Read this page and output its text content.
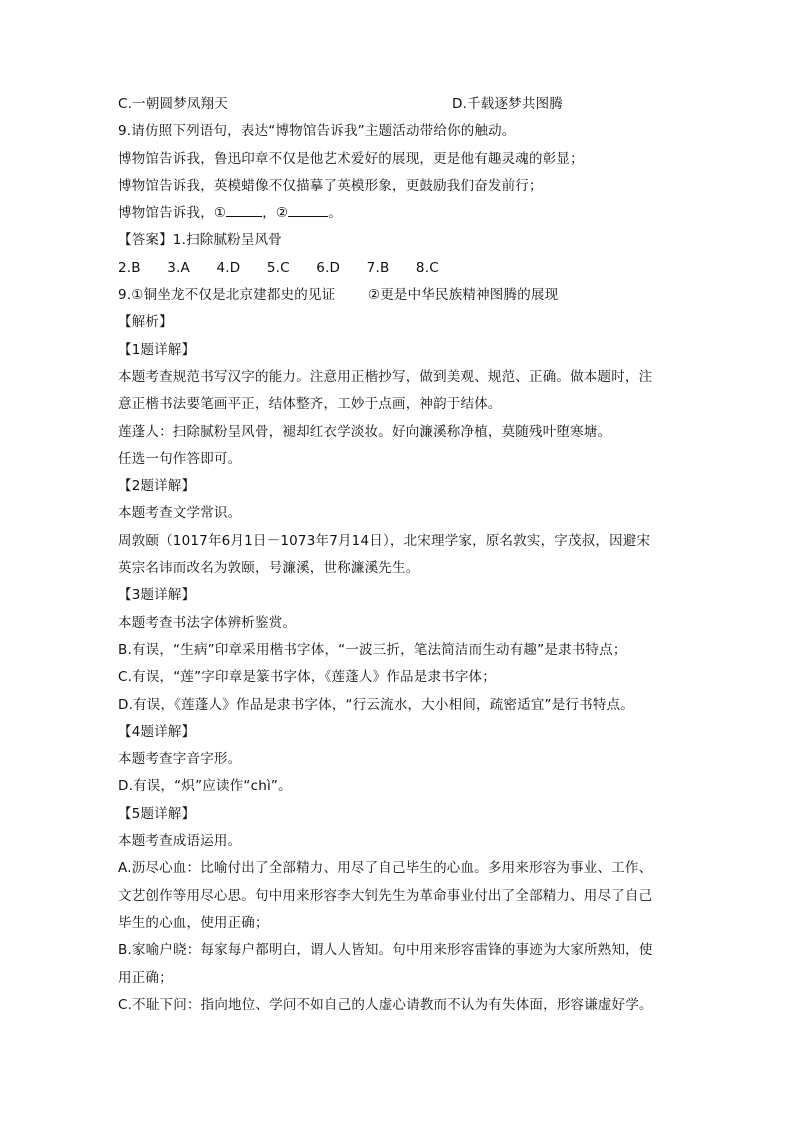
C.一朝圆梦凤翔天	D.千载逐梦共图腾
9.请仿照下列语句，表达“博物馆告诉我”主题活动带给你的触动。
博物馆告诉我，鲁迅印章不仅是他艺术爱好的展现，更是他有趣灵魂的彰显；
博物馆告诉我，英模蜡像不仅描摹了英模形象，更鼓励我们奋发前行；
博物馆告诉我，①	，②	。
【答案】1.扫除腻粉呈风骨
2.B 3.A 4.D 5.C 6.D 7.B 8.C
9.①铜坐龙不仅是北京建都史的见证 ②更是中华民族精神图腾的展现
【解析】
【1题详解】
本题考查规范书写汉字的能力。注意用正楷抄写，做到美观、规范、正确。做本题时，注
意正楷书法要笔画平正，结体整齐，工妙于点画，神韵于结体。
莲蓬人：扫除腻粉呈风骨，褪却红衣学淡妆。好向濂溪称净植，莫随残叶堕寒塘。
任选一句作答即可。
【2题详解】
本题考查文学常识。
周敦颐（1017年6月1日－1073年7月14日），北宋理学家，原名敦实，字茂叔，因避宋
英宗名讳而改名为敦颐，号濂溪，世称濂溪先生。
【3题详解】
本题考查书法字体辨析鉴赏。
B.有误，“生病”印章采用楷书字体，“一波三折，笔法简洁而生动有趣”是隶书特点；
C.有误，“莲”字印章是篆书字体，《莲蓬人》作品是隶书字体；
D.有误，《莲蓬人》作品是隶书字体，“行云流水，大小相间，疏密适宜”是行书特点。
【4题详解】
本题考查字音字形。
D.有误，“炽”应读作“chì”。
【5题详解】
本题考查成语运用。
A.沥尽心血：比喻付出了全部精力、用尽了自己毕生的心血。多用来形容为事业、工作、
文艺创作等用尽心思。句中用来形容李大钊先生为革命事业付出了全部精力、用尽了自己
毕生的心血，使用正确；
B.家喻户晓：每家每户都明白，谓人人皆知。句中用来形容雷锋的事迹为大家所熟知，使
用正确；
C.不耻下问：指向地位、学问不如自己的人虚心请教而不认为有失体面，形容谦虚好学。
